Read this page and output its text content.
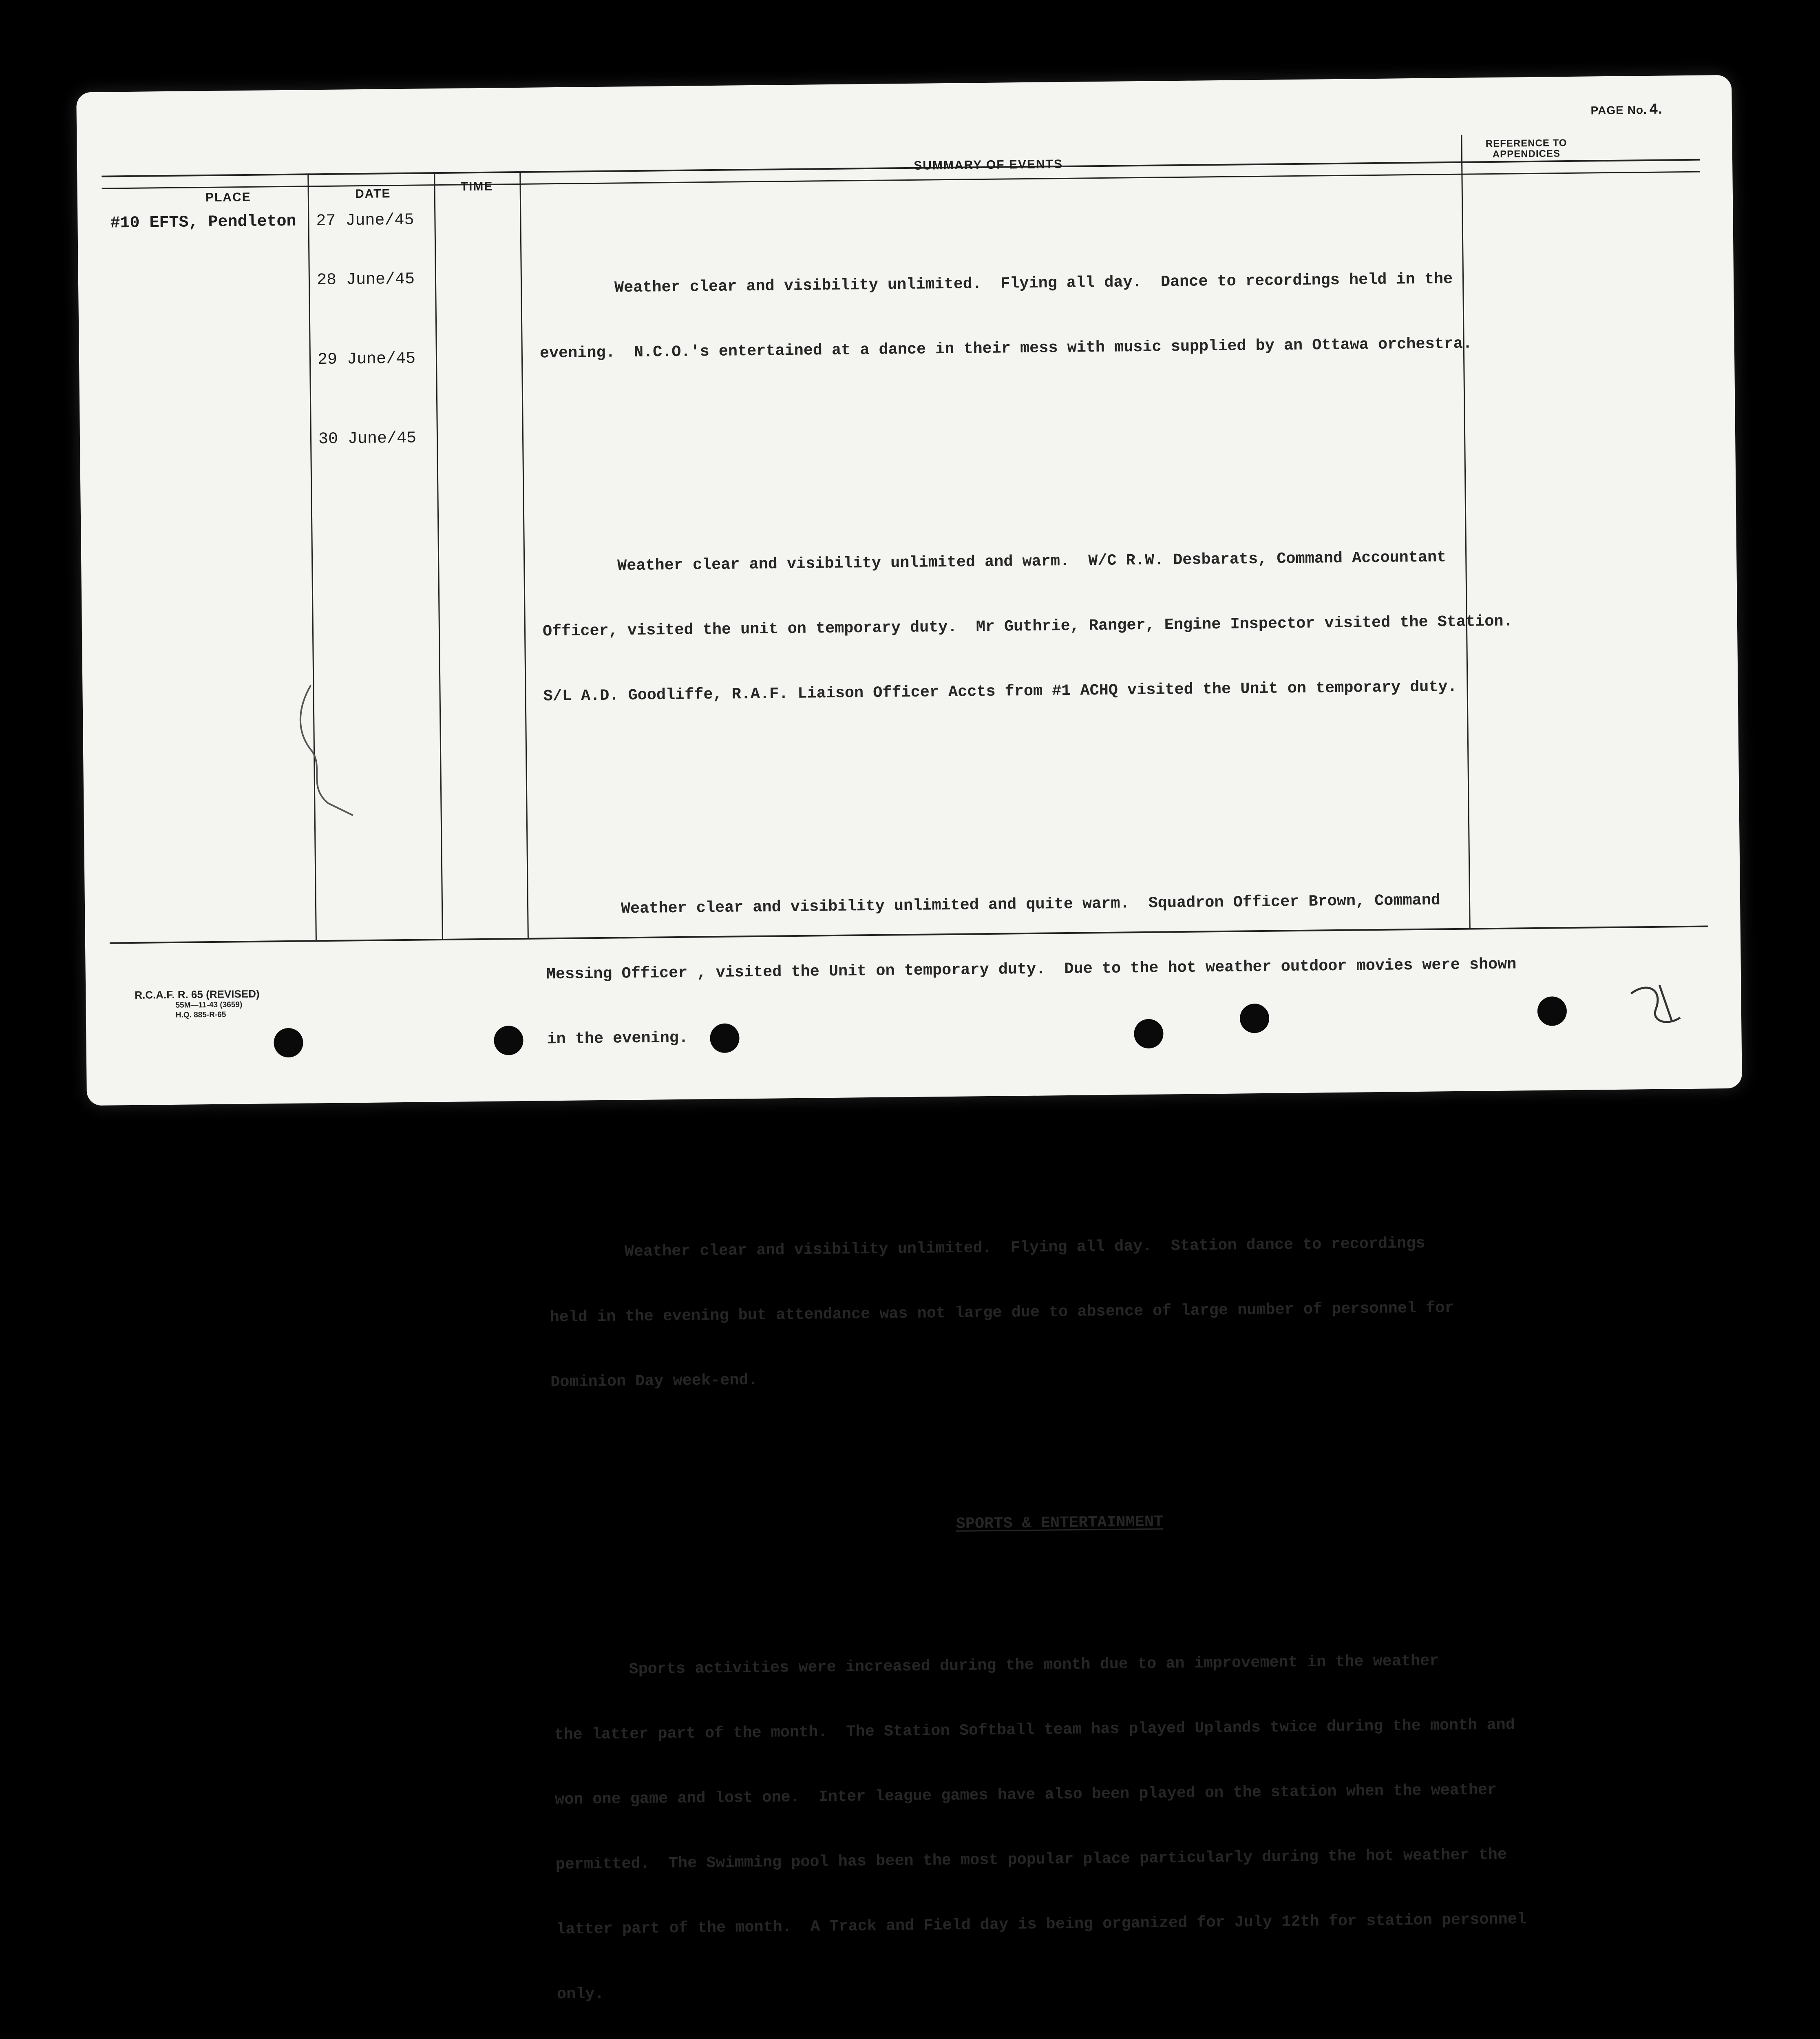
PAGE No. 4.
PLACE	DATE
TIME
SUMMARY OF EVENTS
REFERENCE TO APPENDICES
#10 EFTS, Pendleton 27 June/45
28 June/45
29 June/45
30 June/45

Weather clear and visibility unlimited.  Flying all day.  Dance to recordings held in the

evening.  N.C.O.'s entertained at a dance in their mess with music supplied by an Ottawa orchestra.

Weather clear and visibility unlimited and warm.  W/C R.W. Desbarats, Command Accountant

Officer, visited the unit on temporary duty.  Mr Guthrie, Ranger, Engine Inspector visited the Station.

S/L A.D. Goodliffe, R.A.F. Liaison Officer Accts from #1 ACHQ visited the Unit on temporary duty.

Weather clear and visibility unlimited and quite warm.  Squadron Officer Brown, Command

Messing Officer , visited the Unit on temporary duty.  Due to the hot weather outdoor movies were shown

in the evening.

Weather clear and visibility unlimited.  Flying all day.  Station dance to recordings

held in the evening but attendance was not large due to absence of large number of personnel for

Dominion Day week-end.

SPORTS & ENTERTAINMENT

Sports activities were increased during the month due to an improvement in the weather

the latter part of the month.  The Station Softball team has played Uplands twice during the month and

won one game and lost one.  Inter league games have also been played on the station when the weather

permitted.  The Swimming pool has been the most popular place particularly during the hot weather the

latter part of the month.  A Track and Field day is being organized for July 12th for station personnel

only.

R.C.A.F. R. 65 (REVISED)
55M—11-43 (3659)
H.Q. 885-R-65
